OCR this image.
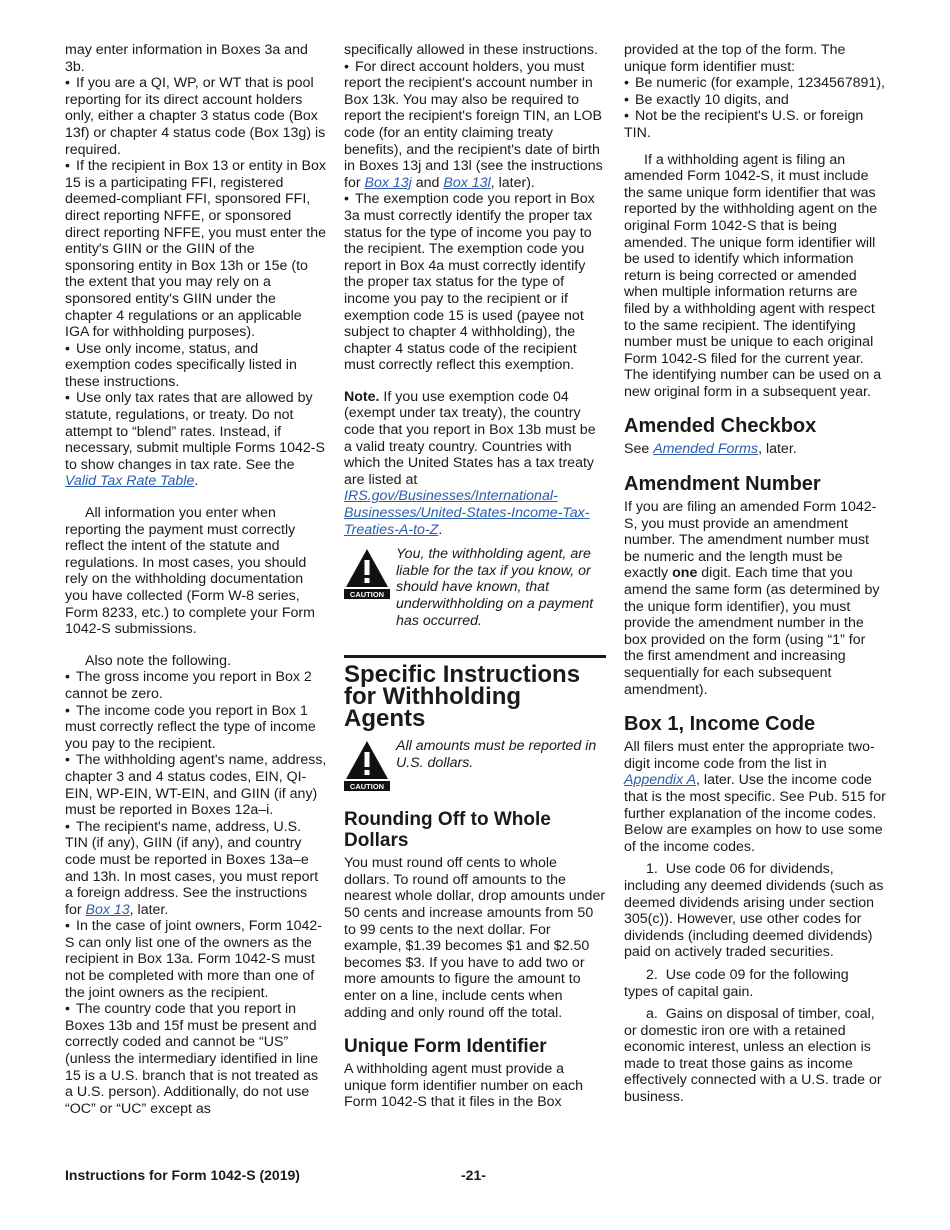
may enter information in Boxes 3a and 3b.

• If you are a QI, WP, or WT that is pool reporting for its direct account holders only, either a chapter 3 status code (Box 13f) or chapter 4 status code (Box 13g) is required.
• If the recipient in Box 13 or entity in Box 15 is a participating FFI, registered deemed-compliant FFI, sponsored FFI, direct reporting NFFE, or sponsored direct reporting NFFE, you must enter the entity's GIIN or the GIIN of the sponsoring entity in Box 13h or 15e (to the extent that you may rely on a sponsored entity's GIIN under the chapter 4 regulations or an applicable IGA for withholding purposes).
• Use only income, status, and exemption codes specifically listed in these instructions.
• Use only tax rates that are allowed by statute, regulations, or treaty. Do not attempt to “blend” rates. Instead, if necessary, submit multiple Forms 1042-S to show changes in tax rate. See the Valid Tax Rate Table.

All information you enter when reporting the payment must correctly reflect the intent of the statute and regulations. In most cases, you should rely on the withholding documentation you have collected (Form W-8 series, Form 8233, etc.) to complete your Form 1042-S submissions.

Also note the following.

• The gross income you report in Box 2 cannot be zero.
• The income code you report in Box 1 must correctly reflect the type of income you pay to the recipient.
• The withholding agent's name, address, chapter 3 and 4 status codes, EIN, QI-EIN, WP-EIN, WT-EIN, and GIIN (if any) must be reported in Boxes 12a–i.
• The recipient's name, address, U.S. TIN (if any), GIIN (if any), and country code must be reported in Boxes 13a–e and 13h. In most cases, you must report a foreign address. See the instructions for Box 13, later.
• In the case of joint owners, Form 1042-S can only list one of the owners as the recipient in Box 13a. Form 1042-S must not be completed with more than one of the joint owners as the recipient.
• The country code that you report in Boxes 13b and 15f must be present and correctly coded and cannot be “US” (unless the intermediary identified in line 15 is a U.S. branch that is not treated as a U.S. person). Additionally, do not use “OC” or “UC” except as

specifically allowed in these instructions.

• For direct account holders, you must report the recipient's account number in Box 13k. You may also be required to report the recipient's foreign TIN, an LOB code (for an entity claiming treaty benefits), and the recipient's date of birth in Boxes 13j and 13l (see the instructions for Box 13j and Box 13l, later).
• The exemption code you report in Box 3a must correctly identify the proper tax status for the type of income you pay to the recipient. The exemption code you report in Box 4a must correctly identify the proper tax status for the type of income you pay to the recipient or if exemption code 15 is used (payee not subject to chapter 4 withholding), the chapter 4 status code of the recipient must correctly reflect this exemption.

Note. If you use exemption code 04 (exempt under tax treaty), the country code that you report in Box 13b must be a valid treaty country. Countries with which the United States has a tax treaty are listed at IRS.gov/Businesses/International-Businesses/United-States-Income-Tax-Treaties-A-to-Z.

CAUTION
You, the withholding agent, are liable for the tax if you know, or should have known, that underwithholding on a payment has occurred.
Specific Instructions for Withholding Agents
CAUTION
All amounts must be reported in U.S. dollars.
Rounding Off to Whole Dollars

You must round off cents to whole dollars. To round off amounts to the nearest whole dollar, drop amounts under 50 cents and increase amounts from 50 to 99 cents to the next dollar. For example, $1.39 becomes $1 and $2.50 becomes $3. If you have to add two or more amounts to figure the amount to enter on a line, include cents when adding and only round off the total.

Unique Form Identifier

A withholding agent must provide a unique form identifier number on each Form 1042-S that it files in the Box

provided at the top of the form. The unique form identifier must:

• Be numeric (for example, 1234567891),
• Be exactly 10 digits, and
• Not be the recipient's U.S. or foreign TIN.

If a withholding agent is filing an amended Form 1042-S, it must include the same unique form identifier that was reported by the withholding agent on the original Form 1042-S that is being amended. The unique form identifier will be used to identify which information return is being corrected or amended when multiple information returns are filed by a withholding agent with respect to the same recipient. The identifying number must be unique to each original Form 1042-S filed for the current year. The identifying number can be used on a new original form in a subsequent year.

Amended Checkbox

See Amended Forms, later.

Amendment Number

If you are filing an amended Form 1042-S, you must provide an amendment number. The amendment number must be numeric and the length must be exactly one digit. Each time that you amend the same form (as determined by the unique form identifier), you must provide the amendment number in the box provided on the form (using “1” for the first amendment and increasing sequentially for each subsequent amendment).

Box 1, Income Code

All filers must enter the appropriate two-digit income code from the list in Appendix A, later. Use the income code that is the most specific. See Pub. 515 for further explanation of the income codes. Below are examples on how to use some of the income codes.

1.  Use code 06 for dividends, including any deemed dividends (such as deemed dividends arising under section 305(c)). However, use other codes for dividends (including deemed dividends) paid on actively traded securities.

2.  Use code 09 for the following types of capital gain.

a.  Gains on disposal of timber, coal, or domestic iron ore with a retained economic interest, unless an election is made to treat those gains as income effectively connected with a U.S. trade or business.

Instructions for Form 1042-S (2019)	-21-
